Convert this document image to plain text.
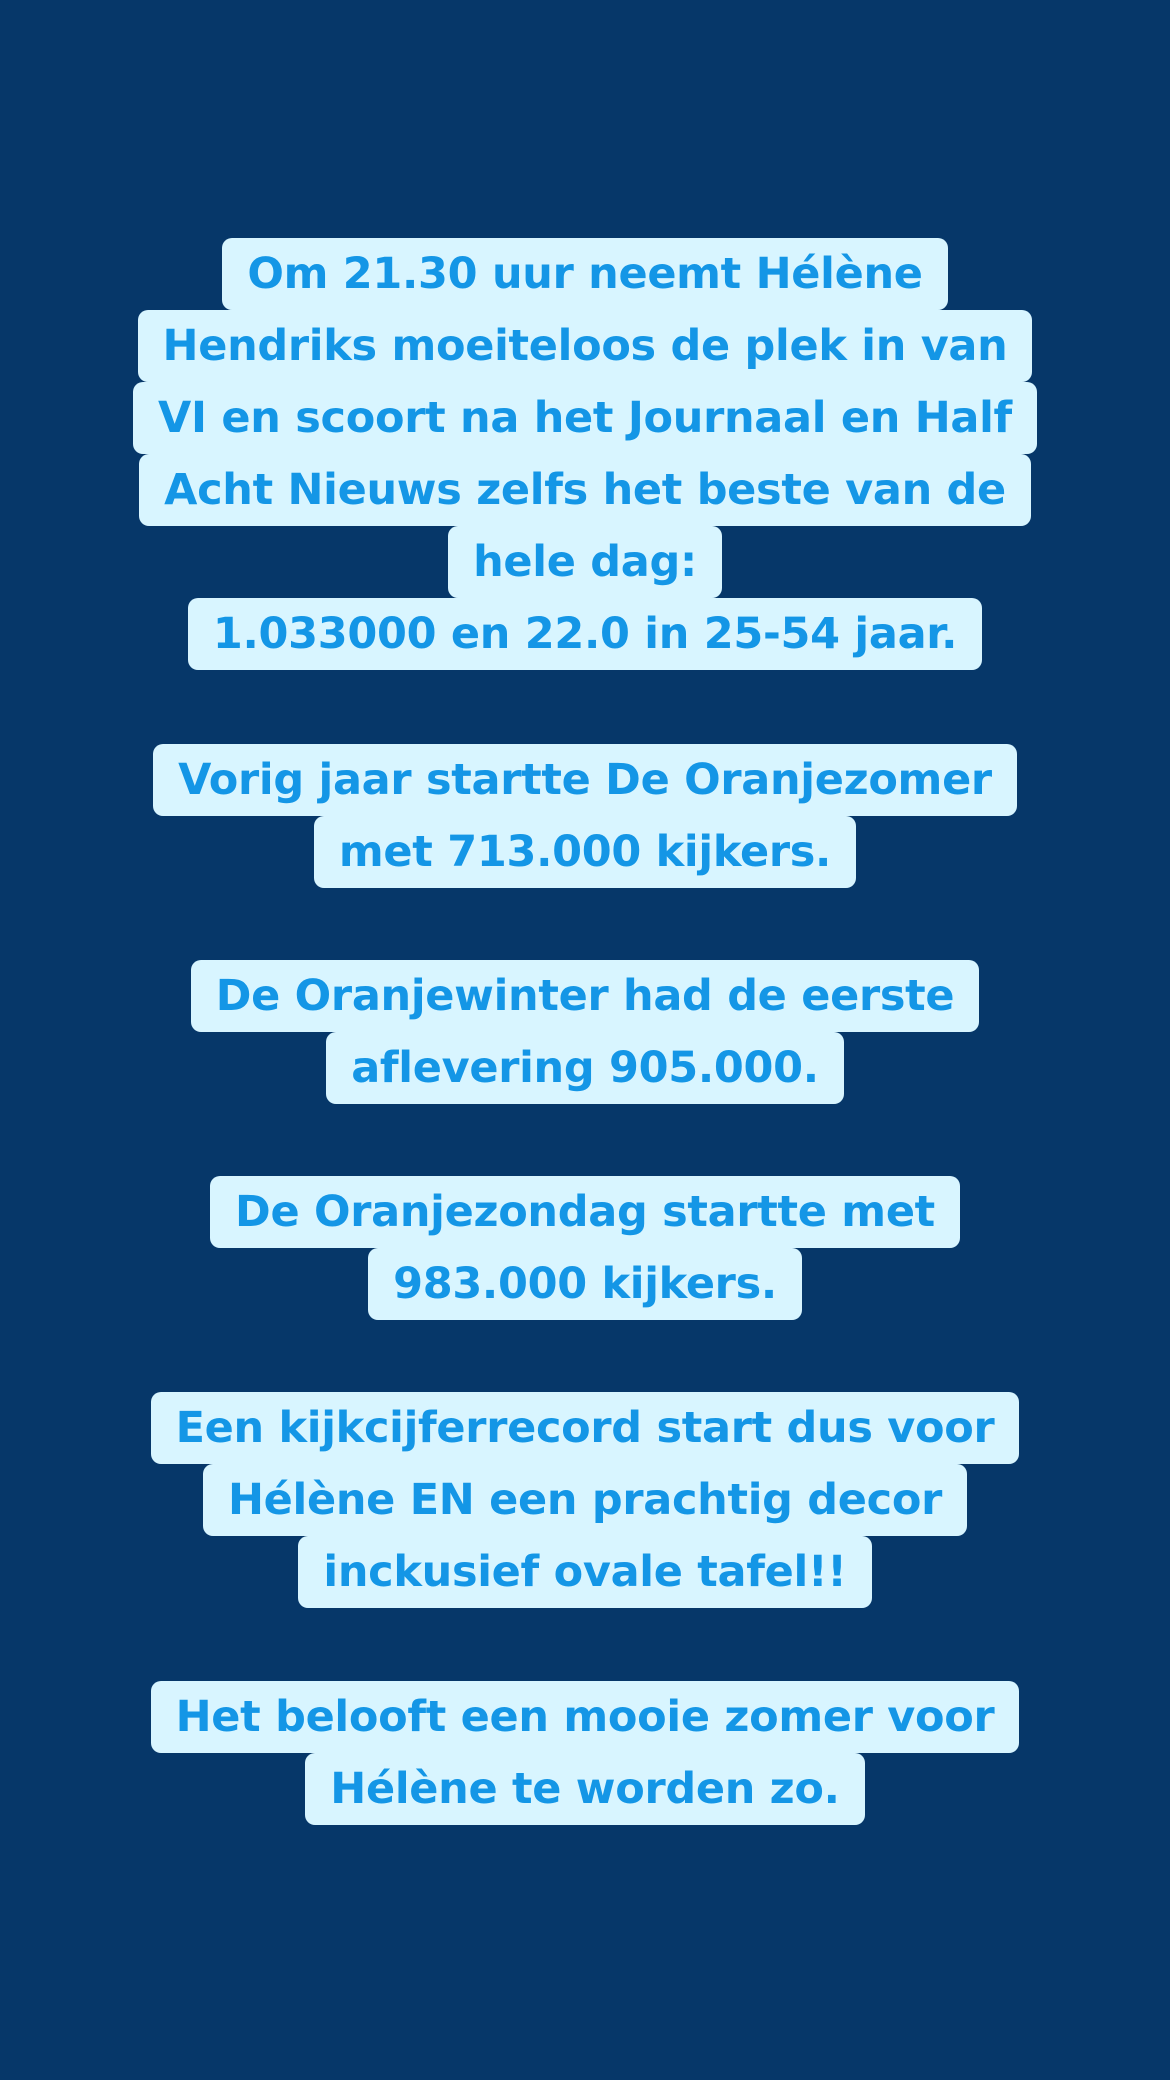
Om 21.30 uur neemt Hélène
Hendriks moeiteloos de plek in van
VI en scoort na het Journaal en Half
Acht Nieuws zelfs het beste van de
hele dag:
1.033000 en 22.0 in 25-54 jaar.
Vorig jaar startte De Oranjezomer
met 713.000 kijkers.
De Oranjewinter had de eerste
aflevering 905.000.
De Oranjezondag startte met
983.000 kijkers.
Een kijkcijferrecord start dus voor
Hélène EN een prachtig decor
inckusief ovale tafel!!
Het belooft een mooie zomer voor
Hélène te worden zo.
